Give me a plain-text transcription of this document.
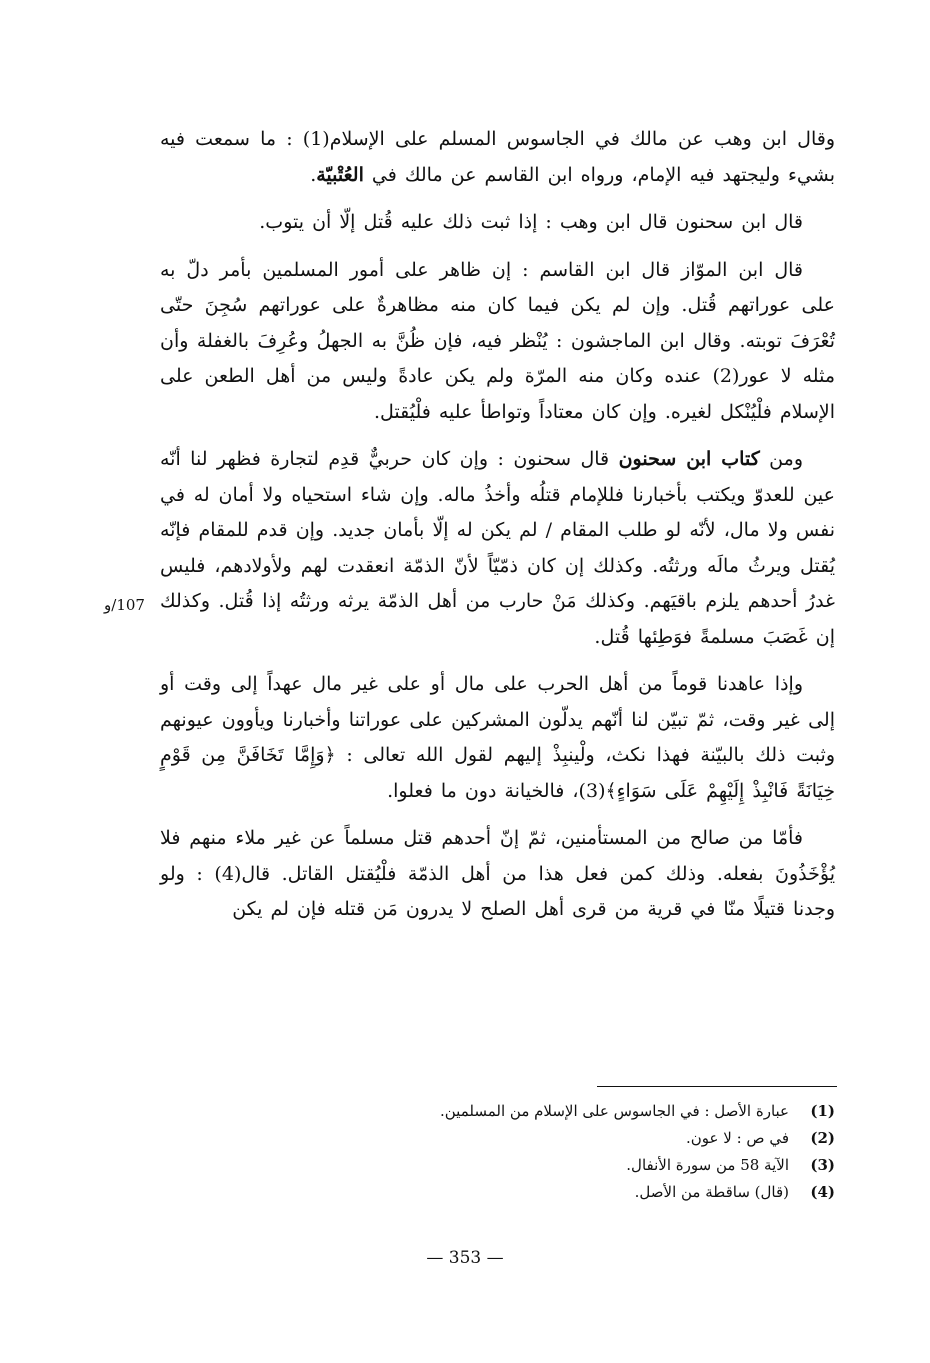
وقال ابن وهب عن مالك في الجاسوس المسلم على الإسلام(1) : ما سمعت فيه بشيء وليجتهد فيه الإمام، ورواه ابن القاسم عن مالك في العُتْبيّة.

قال ابن سحنون قال ابن وهب : إذا ثبت ذلك عليه قُتل إلّا أن يتوب.

قال ابن الموّاز قال ابن القاسم : إن ظاهر على أمور المسلمين بأمر دلّ به على عوراتهم قُتل. وإن لم يكن فيما كان منه مظاهرةٌ على عوراتهم سُجِنَ حتّى تُعْرَفَ توبته. وقال ابن الماجشون : يُنْظر فيه، فإن ظُنَّ به الجهلُ وعُرِفَ بالغفلة وأن مثله لا عور(2) عنده وكان منه المرّة ولم يكن عادةً وليس من أهل الطعن على الإسلام فلْيُنْكل لغيره. وإن كان معتاداً وتواطأ عليه فلْيُقتل.

ومن كتاب ابن سحنون قال سحنون : وإن كان حربيٌّ قدِم لتجارة فظهر لنا أنّه عين للعدوّ ويكتب بأخبارنا فللإمام قتلُه وأخذُ ماله. وإن شاء استحياه ولا أمان له في نفس ولا مال، لأنّه لو طلب المقام / لم يكن له إلّا بأمان جديد. وإن قدم للمقام فإنّه يُقتل ويرثُ مالَه ورثتُه. وكذلك إن كان ذمّيّاً لأنّ الذمّة انعقدت لهم ولأولادهم، فليس غدرُ أحدهم يلزم باقيَهم. وكذلك مَنْ حارب من أهل الذمّة يرثه ورثتُه إذا قُتل. وكذلك إن غَصَبَ مسلمةً فوَطِئها قُتل.

وإذا عاهدنا قوماً من أهل الحرب على مال أو على غير مال عهداً إلى وقت أو إلى غير وقت، ثمّ تبيّن لنا أنّهم يدلّون المشركين على عوراتنا وأخبارنا ويأوون عيونهم وثبت ذلك بالبيّنة فهذا نكث، ولْينبِذْ إليهم لقول الله تعالى : ﴿وَإِمَّا تَخَافَنَّ مِن قَوْمٍ خِيَانَةً فَانْبِذْ إِلَيْهِمْ عَلَى سَوَاءٍ﴾(3)، فالخيانة دون ما فعلوا.

فأمّا من صالح من المستأمنين، ثمّ إنّ أحدهم قتل مسلماً عن غير ملاء منهم فلا يُؤْخَذُونَ بفعله. وذلك كمن فعل هذا من أهل الذمّة فلْيُقتل القاتل. قال(4) : ولو وجدنا قتيلًا منّا في قرية من قرى أهل الصلح لا يدرون مَن قتله فإن لم يكن

107/و
(1)
عبارة الأصل : في الجاسوس على الإسلام من المسلمين.
(2)
في ص : لا عون.
(3)
الآية 58 من سورة الأنفال.
(4)
(قال) ساقطة من الأصل.
— 353 —
